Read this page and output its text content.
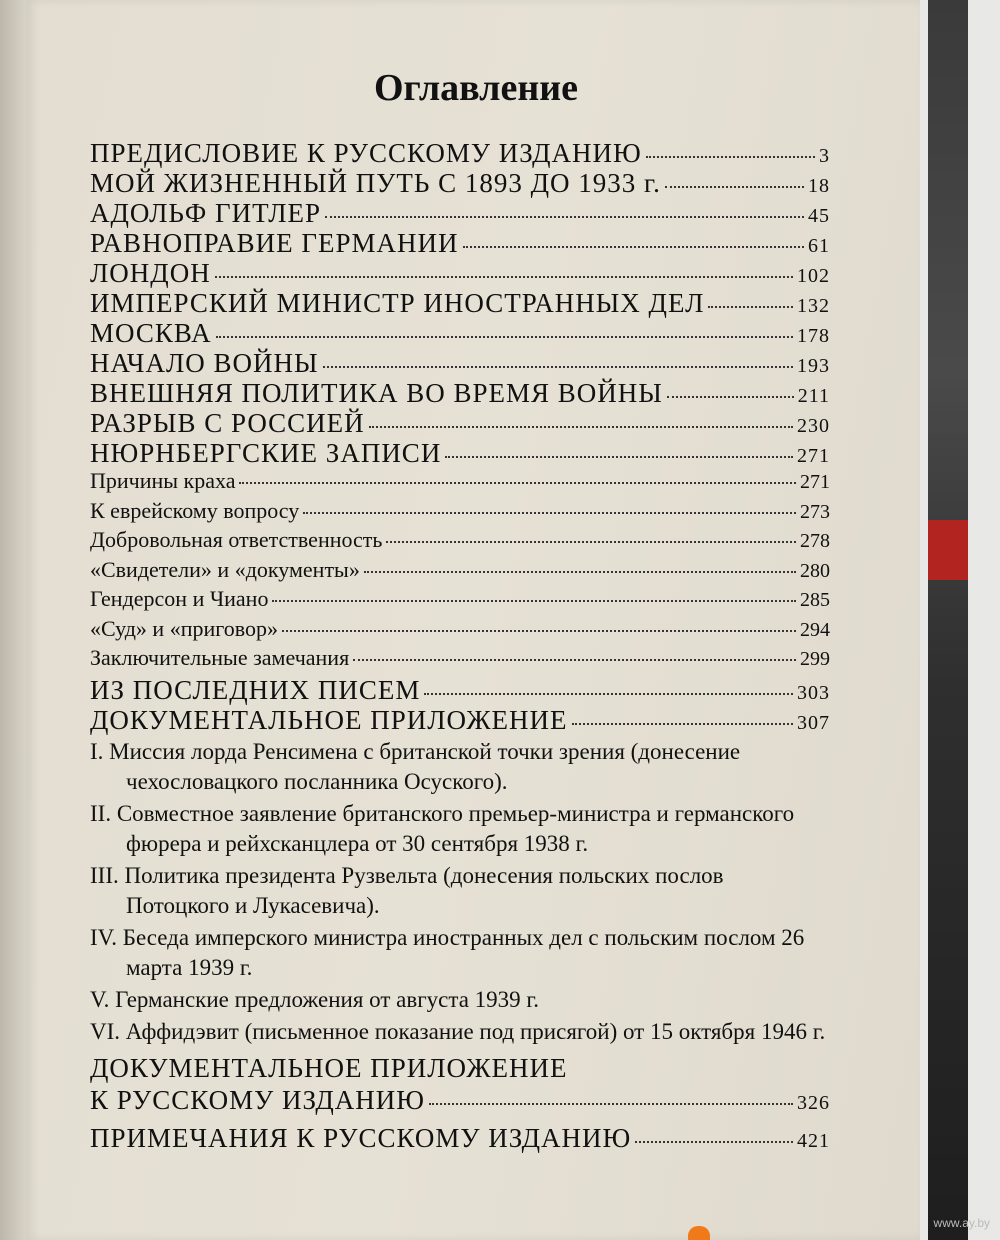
Оглавление
ПРЕДИСЛОВИЕ К РУССКОМУ ИЗДАНИЮ	3
МОЙ ЖИЗНЕННЫЙ ПУТЬ С 1893 ДО 1933 г.	18
АДОЛЬФ ГИТЛЕР	45
РАВНОПРАВИЕ ГЕРМАНИИ	61
ЛОНДОН	102
ИМПЕРСКИЙ МИНИСТР ИНОСТРАННЫХ ДЕЛ	132
МОСКВА	178
НАЧАЛО ВОЙНЫ	193
ВНЕШНЯЯ ПОЛИТИКА ВО ВРЕМЯ ВОЙНЫ	211
РАЗРЫВ С РОССИЕЙ	230
НЮРНБЕРГСКИЕ ЗАПИСИ	271
Причины краха	271
К еврейскому вопросу	273
Добровольная ответственность	278
«Свидетели» и «документы»	280
Гендерсон и Чиано	285
«Суд» и «приговор»	294
Заключительные замечания	299
ИЗ ПОСЛЕДНИХ ПИСЕМ	303
ДОКУМЕНТАЛЬНОЕ ПРИЛОЖЕНИЕ	307
I. Миссия лорда Ренсимена с британской точки зрения (донесение чехословацкого посланника Осуского).
II. Совместное заявление британского премьер-министра и германского фюрера и рейхсканцлера от 30 сентября 1938 г.
III. Политика президента Рузвельта (донесения польских послов Потоцкого и Лукасевича).
IV. Беседа имперского министра иностранных дел с польским послом 26 марта 1939 г.
V. Германские предложения от августа 1939 г.
VI. Аффидэвит (письменное показание под присягой) от 15 октября 1946 г.
ДОКУМЕНТАЛЬНОЕ ПРИЛОЖЕНИЕ
К РУССКОМУ ИЗДАНИЮ	326
ПРИМЕЧАНИЯ К РУССКОМУ ИЗДАНИЮ	421
www.ay.by
